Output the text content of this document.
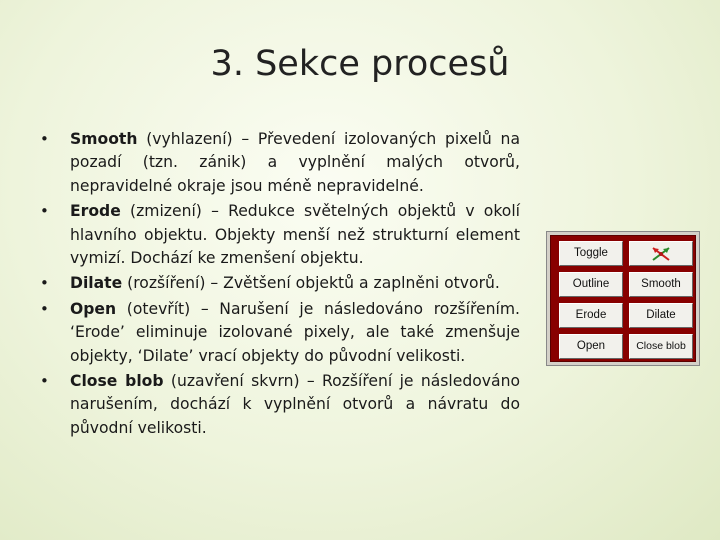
3. Sekce procesů
• Smooth (vyhlazení) – Převedení izolovaných pixelů na pozadí (tzn. zánik) a vyplnění malých otvorů, nepravidelné okraje jsou méně nepravidelné.
• Erode (zmizení) – Redukce světelných objektů v okolí hlavního objektu. Objekty menší než strukturní element vymizí. Dochází ke zmenšení objektu.
• Dilate (rozšíření) – Zvětšení objektů a zaplněni otvorů.
• Open (otevřít) – Narušení je následováno rozšířením. ‘Erode’ eliminuje izolované pixely, ale také zmenšuje objekty, ‘Dilate’ vrací objekty do původní velikosti.
• Close blob (uzavření skvrn) – Rozšíření je následováno narušením, dochází k vyplnění otvorů a návratu do původní velikosti.
Toggle
Outline	Smooth
Erode	Dilate
Open	Close blob
